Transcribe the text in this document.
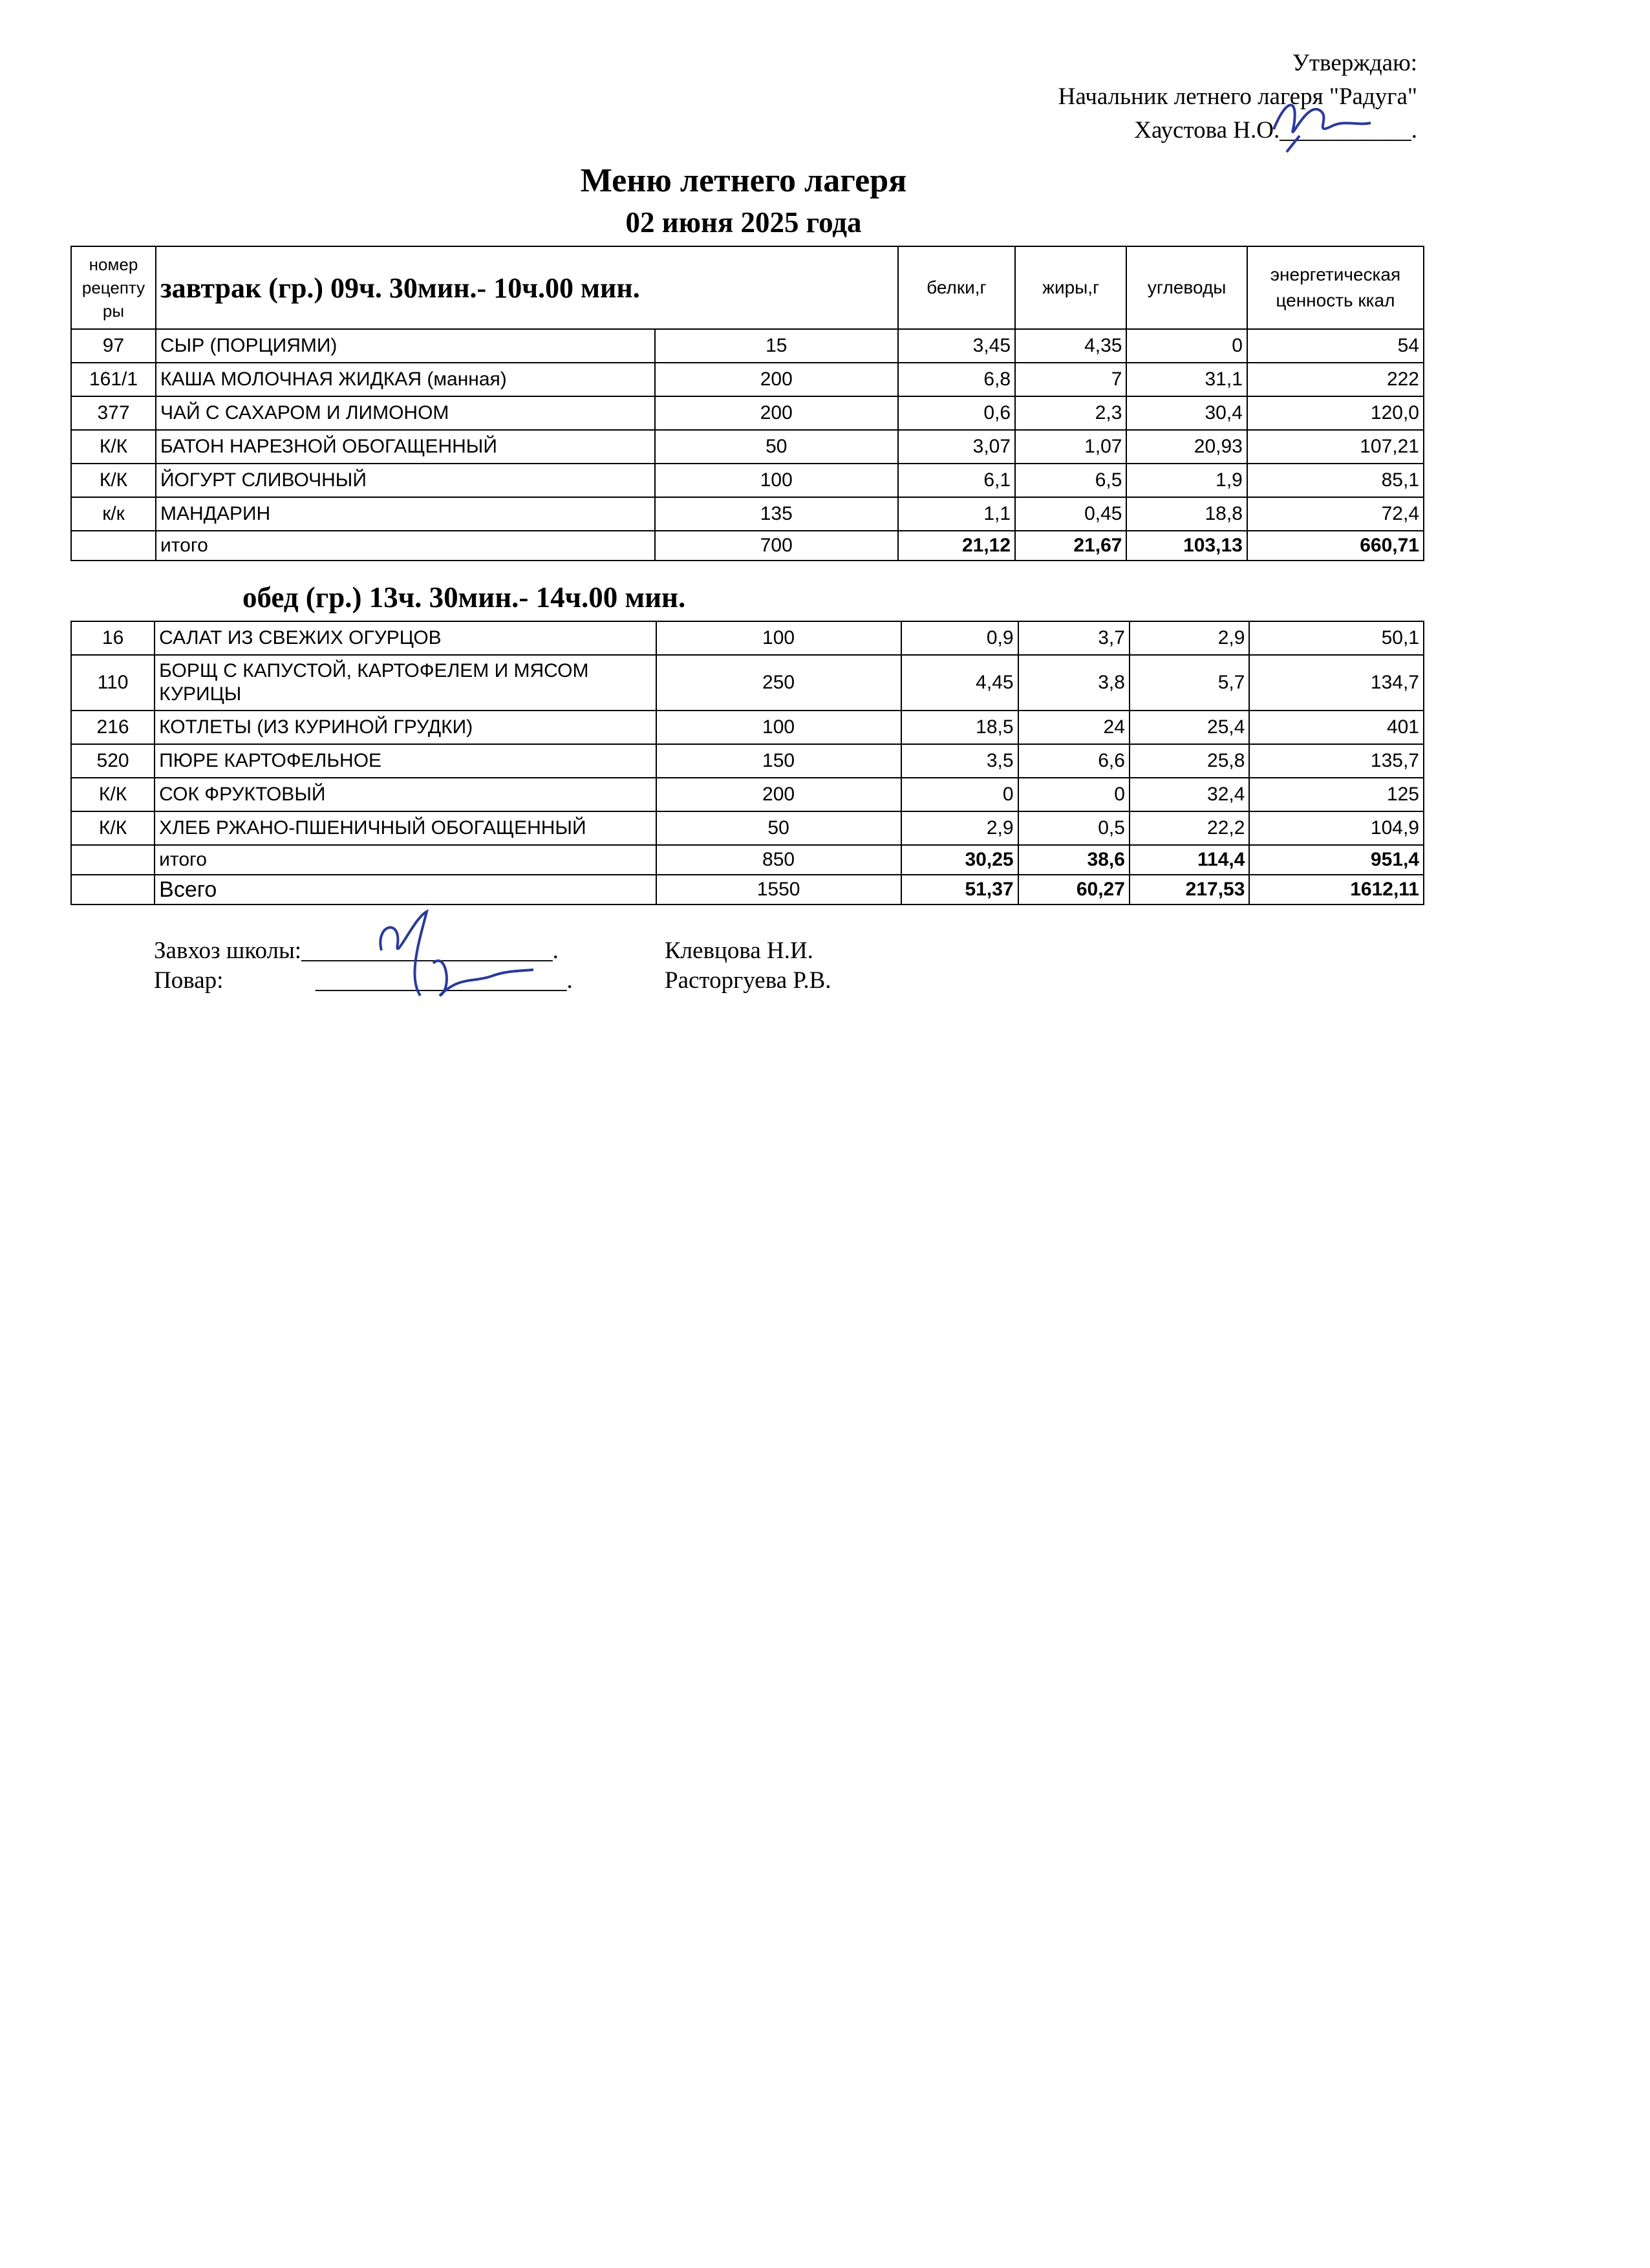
Утверждаю:
Начальник летнего лагеря "Радуга"
Хаустова Н.О.___________.
Меню летнего лагеря
02 июня 2025 года
номер рецепту ры	завтрак (гр.) 09ч. 30мин.- 10ч.00 мин.		белки,г	жиры,г	углеводы	энергетическая ценность ккал
97	СЫР (ПОРЦИЯМИ)	15	3,45	4,35	0	54
161/1	КАША МОЛОЧНАЯ ЖИДКАЯ (манная)	200	6,8	7	31,1	222
377	ЧАЙ С САХАРОМ И ЛИМОНОМ	200	0,6	2,3	30,4	120,0
К/К	БАТОН НАРЕЗНОЙ ОБОГАЩЕННЫЙ	50	3,07	1,07	20,93	107,21
К/К	ЙОГУРТ СЛИВОЧНЫЙ	100	6,1	6,5	1,9	85,1
к/к	МАНДАРИН	135	1,1	0,45	18,8	72,4
	итого	700	21,12	21,67	103,13	660,71
обед (гр.) 13ч. 30мин.- 14ч.00 мин.
16	САЛАТ ИЗ СВЕЖИХ ОГУРЦОВ	100	0,9	3,7	2,9	50,1
110	БОРЩ С КАПУСТОЙ, КАРТОФЕЛЕМ И МЯСОМ КУРИЦЫ	250	4,45	3,8	5,7	134,7
216	КОТЛЕТЫ (ИЗ КУРИНОЙ ГРУДКИ)	100	18,5	24	25,4	401
520	ПЮРЕ КАРТОФЕЛЬНОЕ	150	3,5	6,6	25,8	135,7
К/К	СОК ФРУКТОВЫЙ	200	0	0	32,4	125
К/К	ХЛЕБ РЖАНО-ПШЕНИЧНЫЙ ОБОГАЩЕННЫЙ	50	2,9	0,5	22,2	104,9
	итого	850	30,25	38,6	114,4	951,4
	Всего	1550	51,37	60,27	217,53	1612,11
Завхоз школы: _____________________.
Повар:	_____________________.
Клевцова Н.И.
Расторгуева Р.В.
